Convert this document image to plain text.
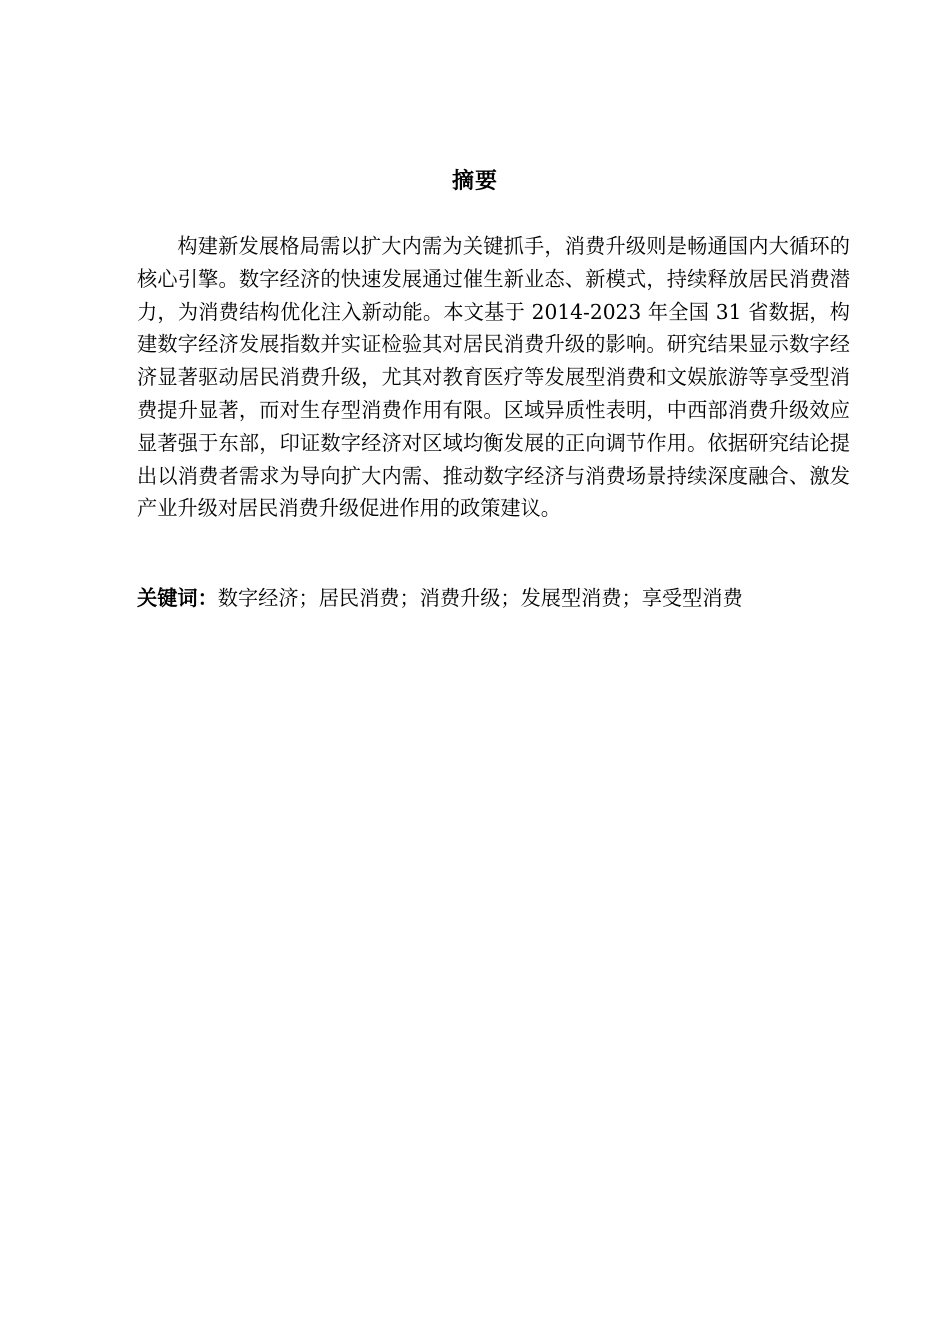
摘要

构建新发展格局需以扩大内需为关键抓手，消费升级则是畅通国内大循环的核心引擎。数字经济的快速发展通过催生新业态、新模式，持续释放居民消费潜力，为消费结构优化注入新动能。本文基于 2014-2023 年全国 31 省数据，构建数字经济发展指数并实证检验其对居民消费升级的影响。研究结果显示数字经济显著驱动居民消费升级，尤其对教育医疗等发展型消费和文娱旅游等享受型消费提升显著，而对生存型消费作用有限。区域异质性表明，中西部消费升级效应显著强于东部，印证数字经济对区域均衡发展的正向调节作用。依据研究结论提出以消费者需求为导向扩大内需、推动数字经济与消费场景持续深度融合、激发产业升级对居民消费升级促进作用的政策建议。

关键词：数字经济；居民消费；消费升级；发展型消费；享受型消费
